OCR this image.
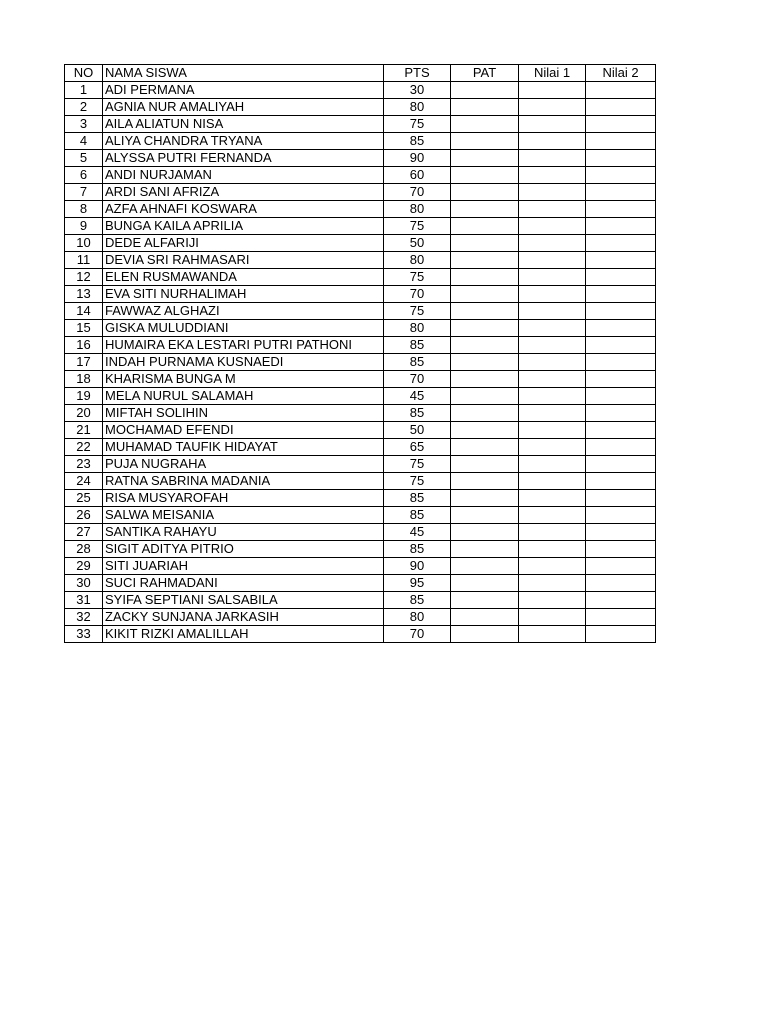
NO	NAMA SISWA	PTS	PAT	Nilai 1	Nilai 2
1	ADI PERMANA	30			
2	AGNIA NUR AMALIYAH	80			
3	AILA ALIATUN NISA	75			
4	ALIYA CHANDRA TRYANA	85			
5	ALYSSA PUTRI FERNANDA	90			
6	ANDI NURJAMAN	60			
7	ARDI SANI AFRIZA	70			
8	AZFA AHNAFI KOSWARA	80			
9	BUNGA KAILA APRILIA	75			
10	DEDE ALFARIJI	50			
11	DEVIA SRI RAHMASARI	80			
12	ELEN RUSMAWANDA	75			
13	EVA SITI NURHALIMAH	70			
14	FAWWAZ ALGHAZI	75			
15	GISKA MULUDDIANI	80			
16	HUMAIRA EKA LESTARI PUTRI PATHONI	85			
17	INDAH PURNAMA KUSNAEDI	85			
18	KHARISMA BUNGA M	70			
19	MELA NURUL SALAMAH	45			
20	MIFTAH SOLIHIN	85			
21	MOCHAMAD EFENDI	50			
22	MUHAMAD TAUFIK HIDAYAT	65			
23	PUJA NUGRAHA	75			
24	RATNA SABRINA MADANIA	75			
25	RISA MUSYAROFAH	85			
26	SALWA MEISANIA	85			
27	SANTIKA RAHAYU	45			
28	SIGIT ADITYA PITRIO	85			
29	SITI JUARIAH	90			
30	SUCI RAHMADANI	95			
31	SYIFA SEPTIANI SALSABILA	85			
32	ZACKY SUNJANA JARKASIH	80			
33	KIKIT RIZKI AMALILLAH	70			
